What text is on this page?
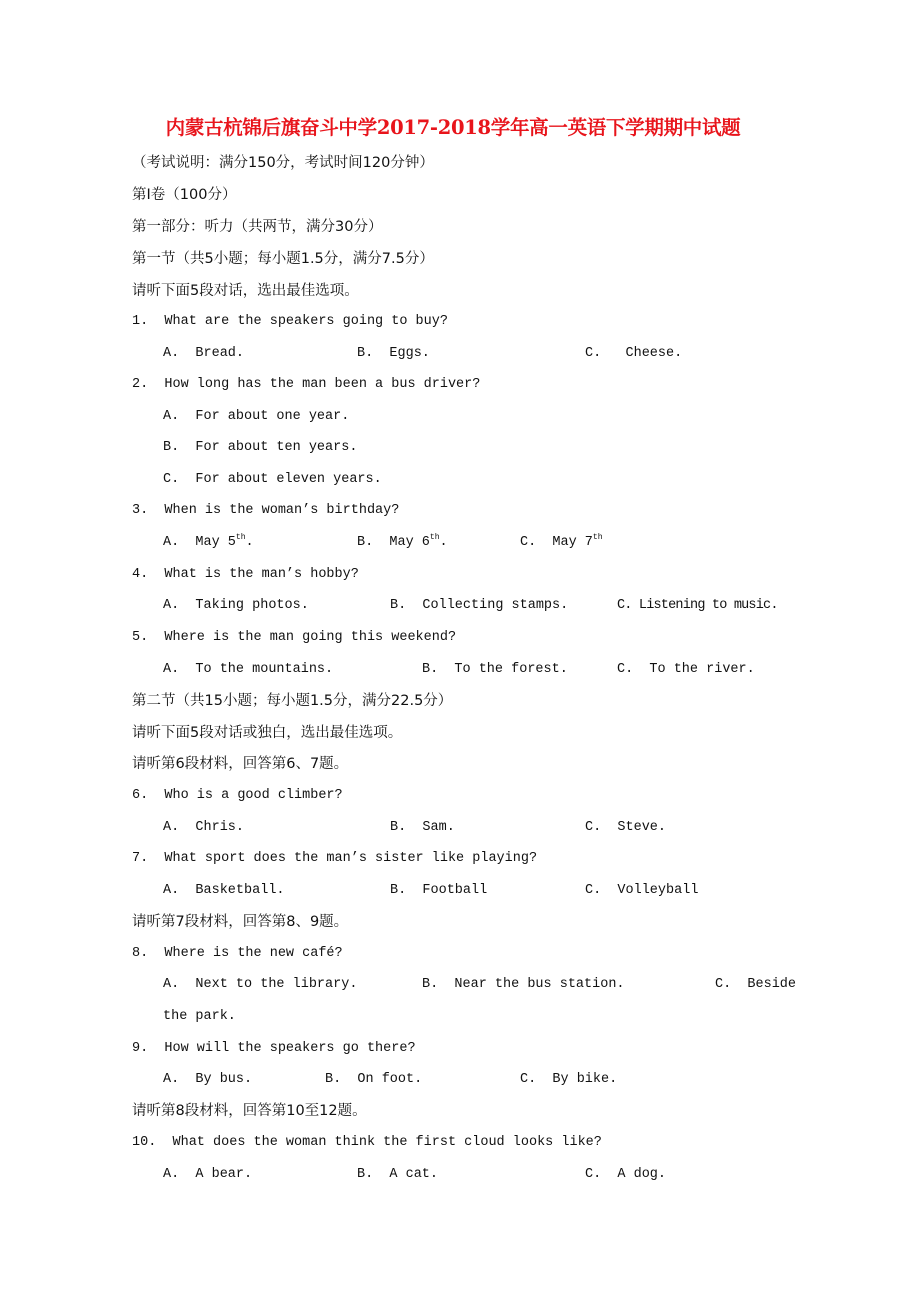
内蒙古杭锦后旗奋斗中学2017-2018学年高一英语下学期期中试题
（考试说明：满分150分，考试时间120分钟）
第I卷（100分）
第一部分：听力（共两节，满分30分）
第一节（共5小题；每小题1.5分，满分7.5分）
请听下面5段对话，选出最佳选项。
1.  What are the speakers going to buy?
A.  Bread.	B.  Eggs.	C.   Cheese.
2.  How long has the man been a bus driver?
A.  For about one year.
B.  For about ten years.
C.  For about eleven years.
3.  When is the woman’s birthday?
A.  May 5th.	B.  May 6th.	C.  May 7th
4.  What is the man’s hobby?
A.  Taking photos.	B.  Collecting stamps.	C. Listening to music.
5.  Where is the man going this weekend?
A.  To the mountains.	B.  To the forest.	C.  To the river.
第二节（共15小题；每小题1.5分，满分22.5分）
请听下面5段对话或独白，选出最佳选项。
请听第6段材料，回答第6、7题。
6.  Who is a good climber?
A.  Chris.	B.  Sam.	C.  Steve.
7.  What sport does the man’s sister like playing?
A.  Basketball.	B.  Football	C.  Volleyball
请听第7段材料，回答第8、9题。
8.  Where is the new café?
A.  Next to the library.	B.  Near the bus station.	C.  Beside
the park.
9.  How will the speakers go there?
A.  By bus.	B.  On foot.	C.  By bike.
请听第8段材料，回答第10至12题。
10.  What does the woman think the first cloud looks like?
A.  A bear.	B.  A cat.	C.  A dog.
